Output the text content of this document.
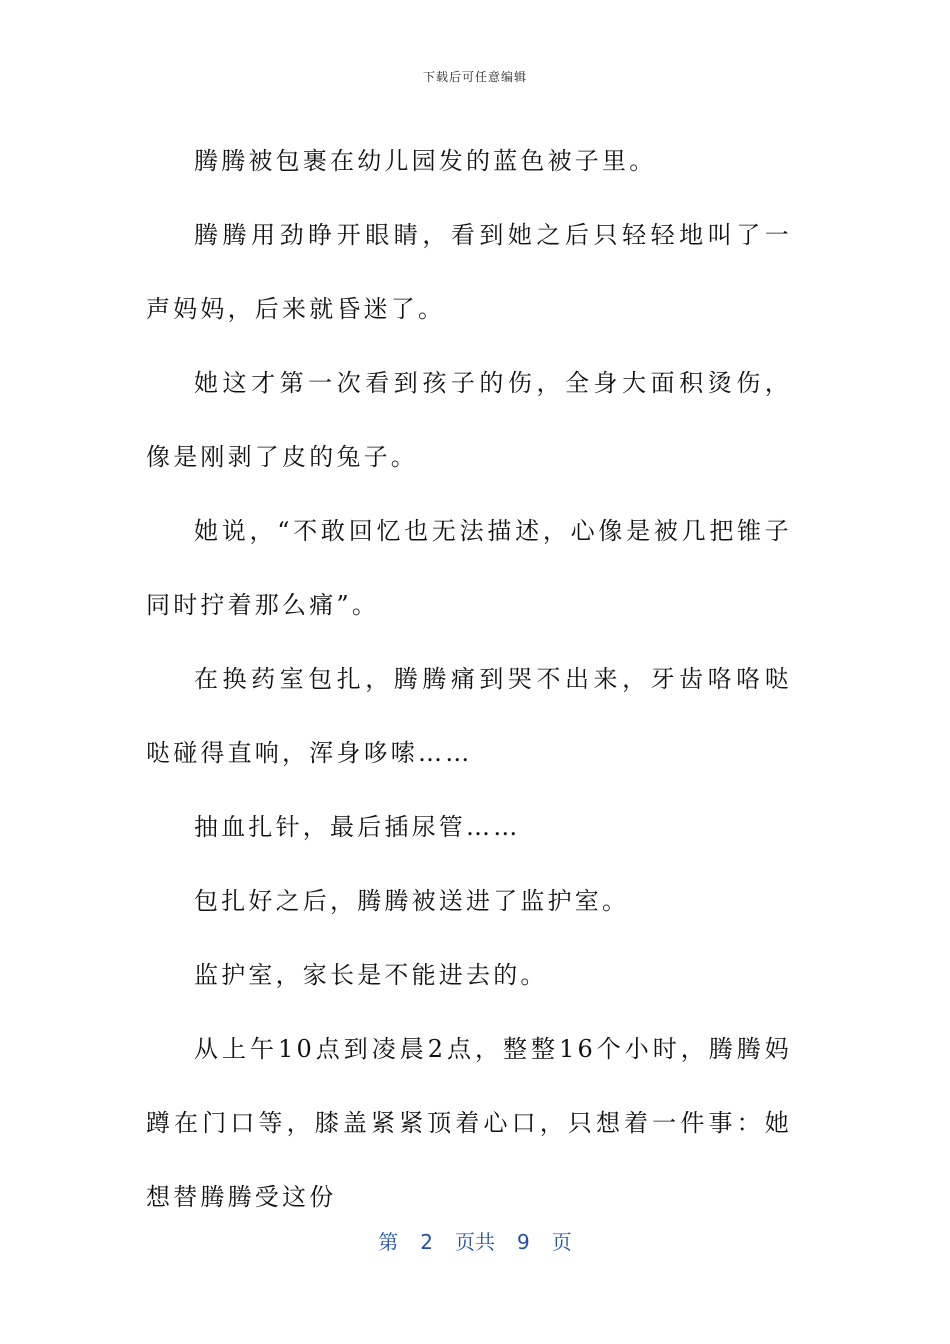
下载后可任意编辑

腾腾被包裹在幼儿园发的蓝色被子里。

腾腾用劲睁开眼睛，看到她之后只轻轻地叫了一声妈妈，后来就昏迷了。

她这才第一次看到孩子的伤，全身大面积烫伤，像是刚剥了皮的兔子。

她说，“不敢回忆也无法描述，心像是被几把锥子同时拧着那么痛”。

在换药室包扎，腾腾痛到哭不出来，牙齿咯咯哒哒碰得直响，浑身哆嗦……

抽血扎针，最后插尿管……

包扎好之后，腾腾被送进了监护室。

监护室，家长是不能进去的。

从上午10点到凌晨2点，整整16个小时，腾腾妈蹲在门口等，膝盖紧紧顶着心口，只想着一件事：她想替腾腾受这份

第 2 页共 9 页
